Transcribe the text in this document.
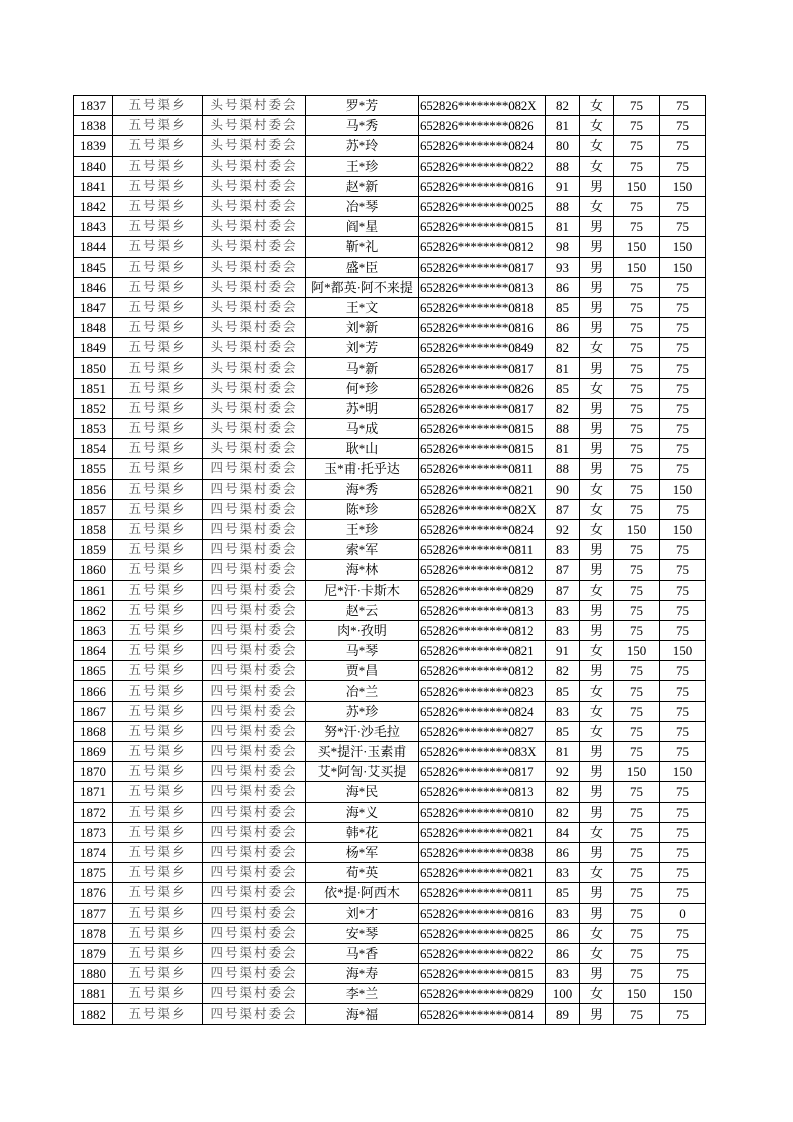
1837	五号渠乡	头号渠村委会	罗*芳	652826********082X	82	女	75	75
1838	五号渠乡	头号渠村委会	马*秀	652826********0826	81	女	75	75
1839	五号渠乡	头号渠村委会	苏*玲	652826********0824	80	女	75	75
1840	五号渠乡	头号渠村委会	王*珍	652826********0822	88	女	75	75
1841	五号渠乡	头号渠村委会	赵*新	652826********0816	91	男	150	150
1842	五号渠乡	头号渠村委会	冶*琴	652826********0025	88	女	75	75
1843	五号渠乡	头号渠村委会	阎*星	652826********0815	81	男	75	75
1844	五号渠乡	头号渠村委会	靳*礼	652826********0812	98	男	150	150
1845	五号渠乡	头号渠村委会	盛*臣	652826********0817	93	男	150	150
1846	五号渠乡	头号渠村委会	阿*都英·阿不来提	652826********0813	86	男	75	75
1847	五号渠乡	头号渠村委会	王*文	652826********0818	85	男	75	75
1848	五号渠乡	头号渠村委会	刘*新	652826********0816	86	男	75	75
1849	五号渠乡	头号渠村委会	刘*芳	652826********0849	82	女	75	75
1850	五号渠乡	头号渠村委会	马*新	652826********0817	81	男	75	75
1851	五号渠乡	头号渠村委会	何*珍	652826********0826	85	女	75	75
1852	五号渠乡	头号渠村委会	苏*明	652826********0817	82	男	75	75
1853	五号渠乡	头号渠村委会	马*成	652826********0815	88	男	75	75
1854	五号渠乡	头号渠村委会	耿*山	652826********0815	81	男	75	75
1855	五号渠乡	四号渠村委会	玉*甫·托乎达	652826********0811	88	男	75	75
1856	五号渠乡	四号渠村委会	海*秀	652826********0821	90	女	75	150
1857	五号渠乡	四号渠村委会	陈*珍	652826********082X	87	女	75	75
1858	五号渠乡	四号渠村委会	王*珍	652826********0824	92	女	150	150
1859	五号渠乡	四号渠村委会	索*军	652826********0811	83	男	75	75
1860	五号渠乡	四号渠村委会	海*林	652826********0812	87	男	75	75
1861	五号渠乡	四号渠村委会	尼*汗·卡斯木	652826********0829	87	女	75	75
1862	五号渠乡	四号渠村委会	赵*云	652826********0813	83	男	75	75
1863	五号渠乡	四号渠村委会	肉*·孜明	652826********0812	83	男	75	75
1864	五号渠乡	四号渠村委会	马*琴	652826********0821	91	女	150	150
1865	五号渠乡	四号渠村委会	贾*昌	652826********0812	82	男	75	75
1866	五号渠乡	四号渠村委会	冶*兰	652826********0823	85	女	75	75
1867	五号渠乡	四号渠村委会	苏*珍	652826********0824	83	女	75	75
1868	五号渠乡	四号渠村委会	努*汗·沙毛拉	652826********0827	85	女	75	75
1869	五号渠乡	四号渠村委会	买*提汗·玉素甫	652826********083X	81	男	75	75
1870	五号渠乡	四号渠村委会	艾*阿訇·艾买提	652826********0817	92	男	150	150
1871	五号渠乡	四号渠村委会	海*民	652826********0813	82	男	75	75
1872	五号渠乡	四号渠村委会	海*义	652826********0810	82	男	75	75
1873	五号渠乡	四号渠村委会	韩*花	652826********0821	84	女	75	75
1874	五号渠乡	四号渠村委会	杨*军	652826********0838	86	男	75	75
1875	五号渠乡	四号渠村委会	荀*英	652826********0821	83	女	75	75
1876	五号渠乡	四号渠村委会	依*提·阿西木	652826********0811	85	男	75	75
1877	五号渠乡	四号渠村委会	刘*才	652826********0816	83	男	75	0
1878	五号渠乡	四号渠村委会	安*琴	652826********0825	86	女	75	75
1879	五号渠乡	四号渠村委会	马*香	652826********0822	86	女	75	75
1880	五号渠乡	四号渠村委会	海*寿	652826********0815	83	男	75	75
1881	五号渠乡	四号渠村委会	李*兰	652826********0829	100	女	150	150
1882	五号渠乡	四号渠村委会	海*福	652826********0814	89	男	75	75
